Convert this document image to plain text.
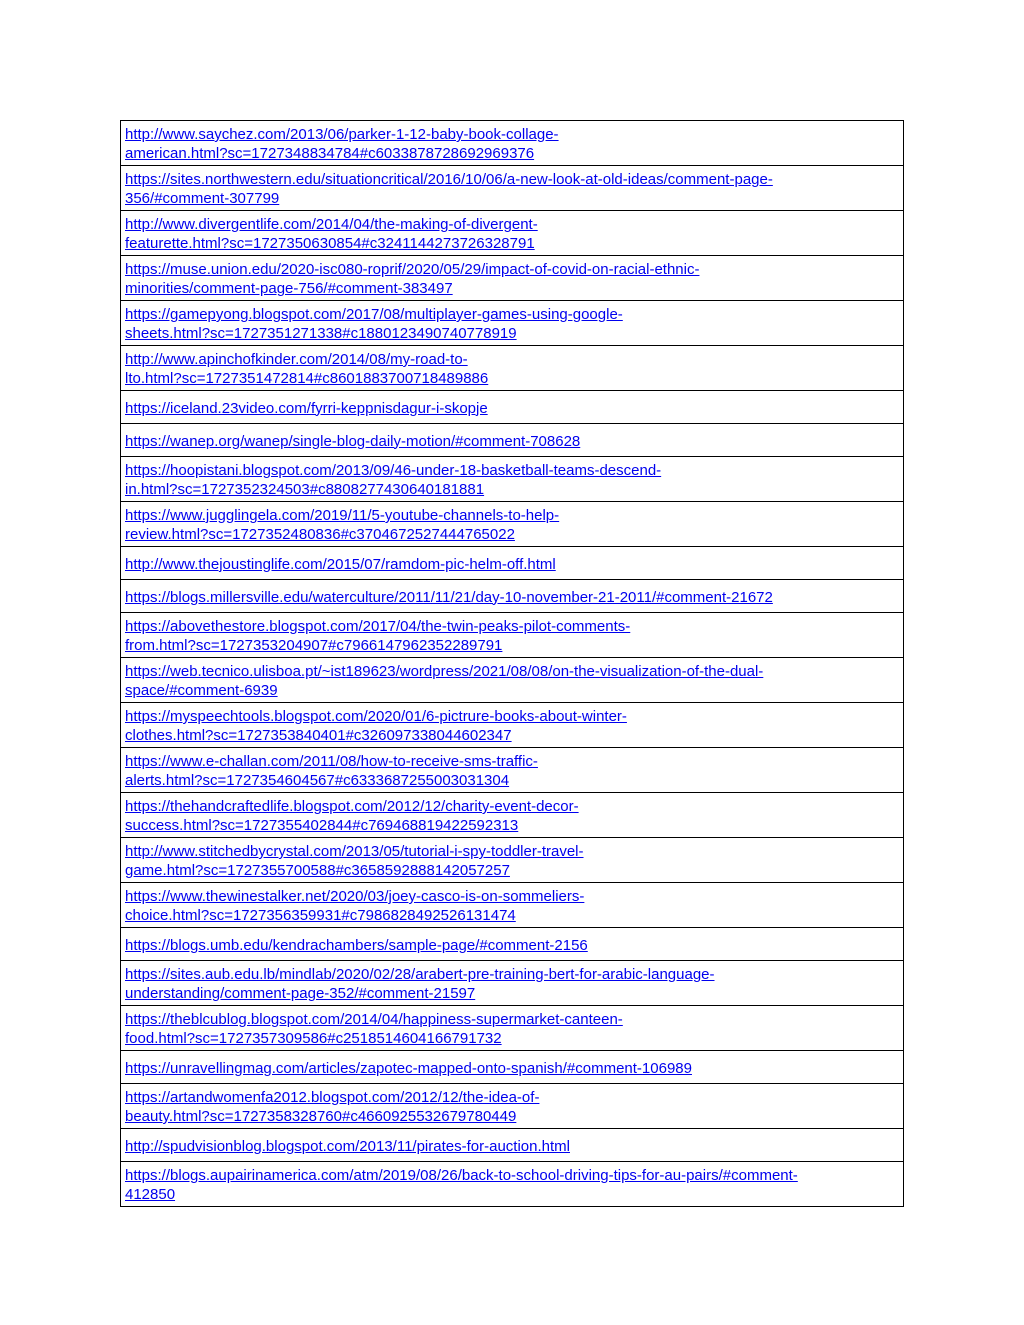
http://www.saychez.com/2013/06/parker-1-12-baby-book-collage-
american.html?sc=1727348834784#c6033878728692969376

https://sites.northwestern.edu/situationcritical/2016/10/06/a-new-look-at-old-ideas/comment-page-
356/#comment-307799

http://www.divergentlife.com/2014/04/the-making-of-divergent-
featurette.html?sc=1727350630854#c3241144273726328791

https://muse.union.edu/2020-isc080-roprif/2020/05/29/impact-of-covid-on-racial-ethnic-
minorities/comment-page-756/#comment-383497

https://gamepyong.blogspot.com/2017/08/multiplayer-games-using-google-
sheets.html?sc=1727351271338#c1880123490740778919

http://www.apinchofkinder.com/2014/08/my-road-to-
lto.html?sc=1727351472814#c8601883700718489886

https://iceland.23video.com/fyrri-keppnisdagur-i-skopje

https://wanep.org/wanep/single-blog-daily-motion/#comment-708628

https://hoopistani.blogspot.com/2013/09/46-under-18-basketball-teams-descend-
in.html?sc=1727352324503#c8808277430640181881

https://www.jugglingela.com/2019/11/5-youtube-channels-to-help-
review.html?sc=1727352480836#c3704672527444765022

http://www.thejoustinglife.com/2015/07/ramdom-pic-helm-off.html

https://blogs.millersville.edu/waterculture/2011/11/21/day-10-november-21-2011/#comment-21672

https://abovethestore.blogspot.com/2017/04/the-twin-peaks-pilot-comments-
from.html?sc=1727353204907#c7966147962352289791

https://web.tecnico.ulisboa.pt/~ist189623/wordpress/2021/08/08/on-the-visualization-of-the-dual-
space/#comment-6939

https://myspeechtools.blogspot.com/2020/01/6-pictrure-books-about-winter-
clothes.html?sc=1727353840401#c326097338044602347

https://www.e-challan.com/2011/08/how-to-receive-sms-traffic-
alerts.html?sc=1727354604567#c6333687255003031304

https://thehandcraftedlife.blogspot.com/2012/12/charity-event-decor-
success.html?sc=1727355402844#c769468819422592313

http://www.stitchedbycrystal.com/2013/05/tutorial-i-spy-toddler-travel-
game.html?sc=1727355700588#c3658592888142057257

https://www.thewinestalker.net/2020/03/joey-casco-is-on-sommeliers-
choice.html?sc=1727356359931#c7986828492526131474

https://blogs.umb.edu/kendrachambers/sample-page/#comment-2156

https://sites.aub.edu.lb/mindlab/2020/02/28/arabert-pre-training-bert-for-arabic-language-
understanding/comment-page-352/#comment-21597

https://theblcublog.blogspot.com/2014/04/happiness-supermarket-canteen-
food.html?sc=1727357309586#c2518514604166791732

https://unravellingmag.com/articles/zapotec-mapped-onto-spanish/#comment-106989

https://artandwomenfa2012.blogspot.com/2012/12/the-idea-of-
beauty.html?sc=1727358328760#c4660925532679780449

http://spudvisionblog.blogspot.com/2013/11/pirates-for-auction.html

https://blogs.aupairinamerica.com/atm/2019/08/26/back-to-school-driving-tips-for-au-pairs/#comment-
412850
